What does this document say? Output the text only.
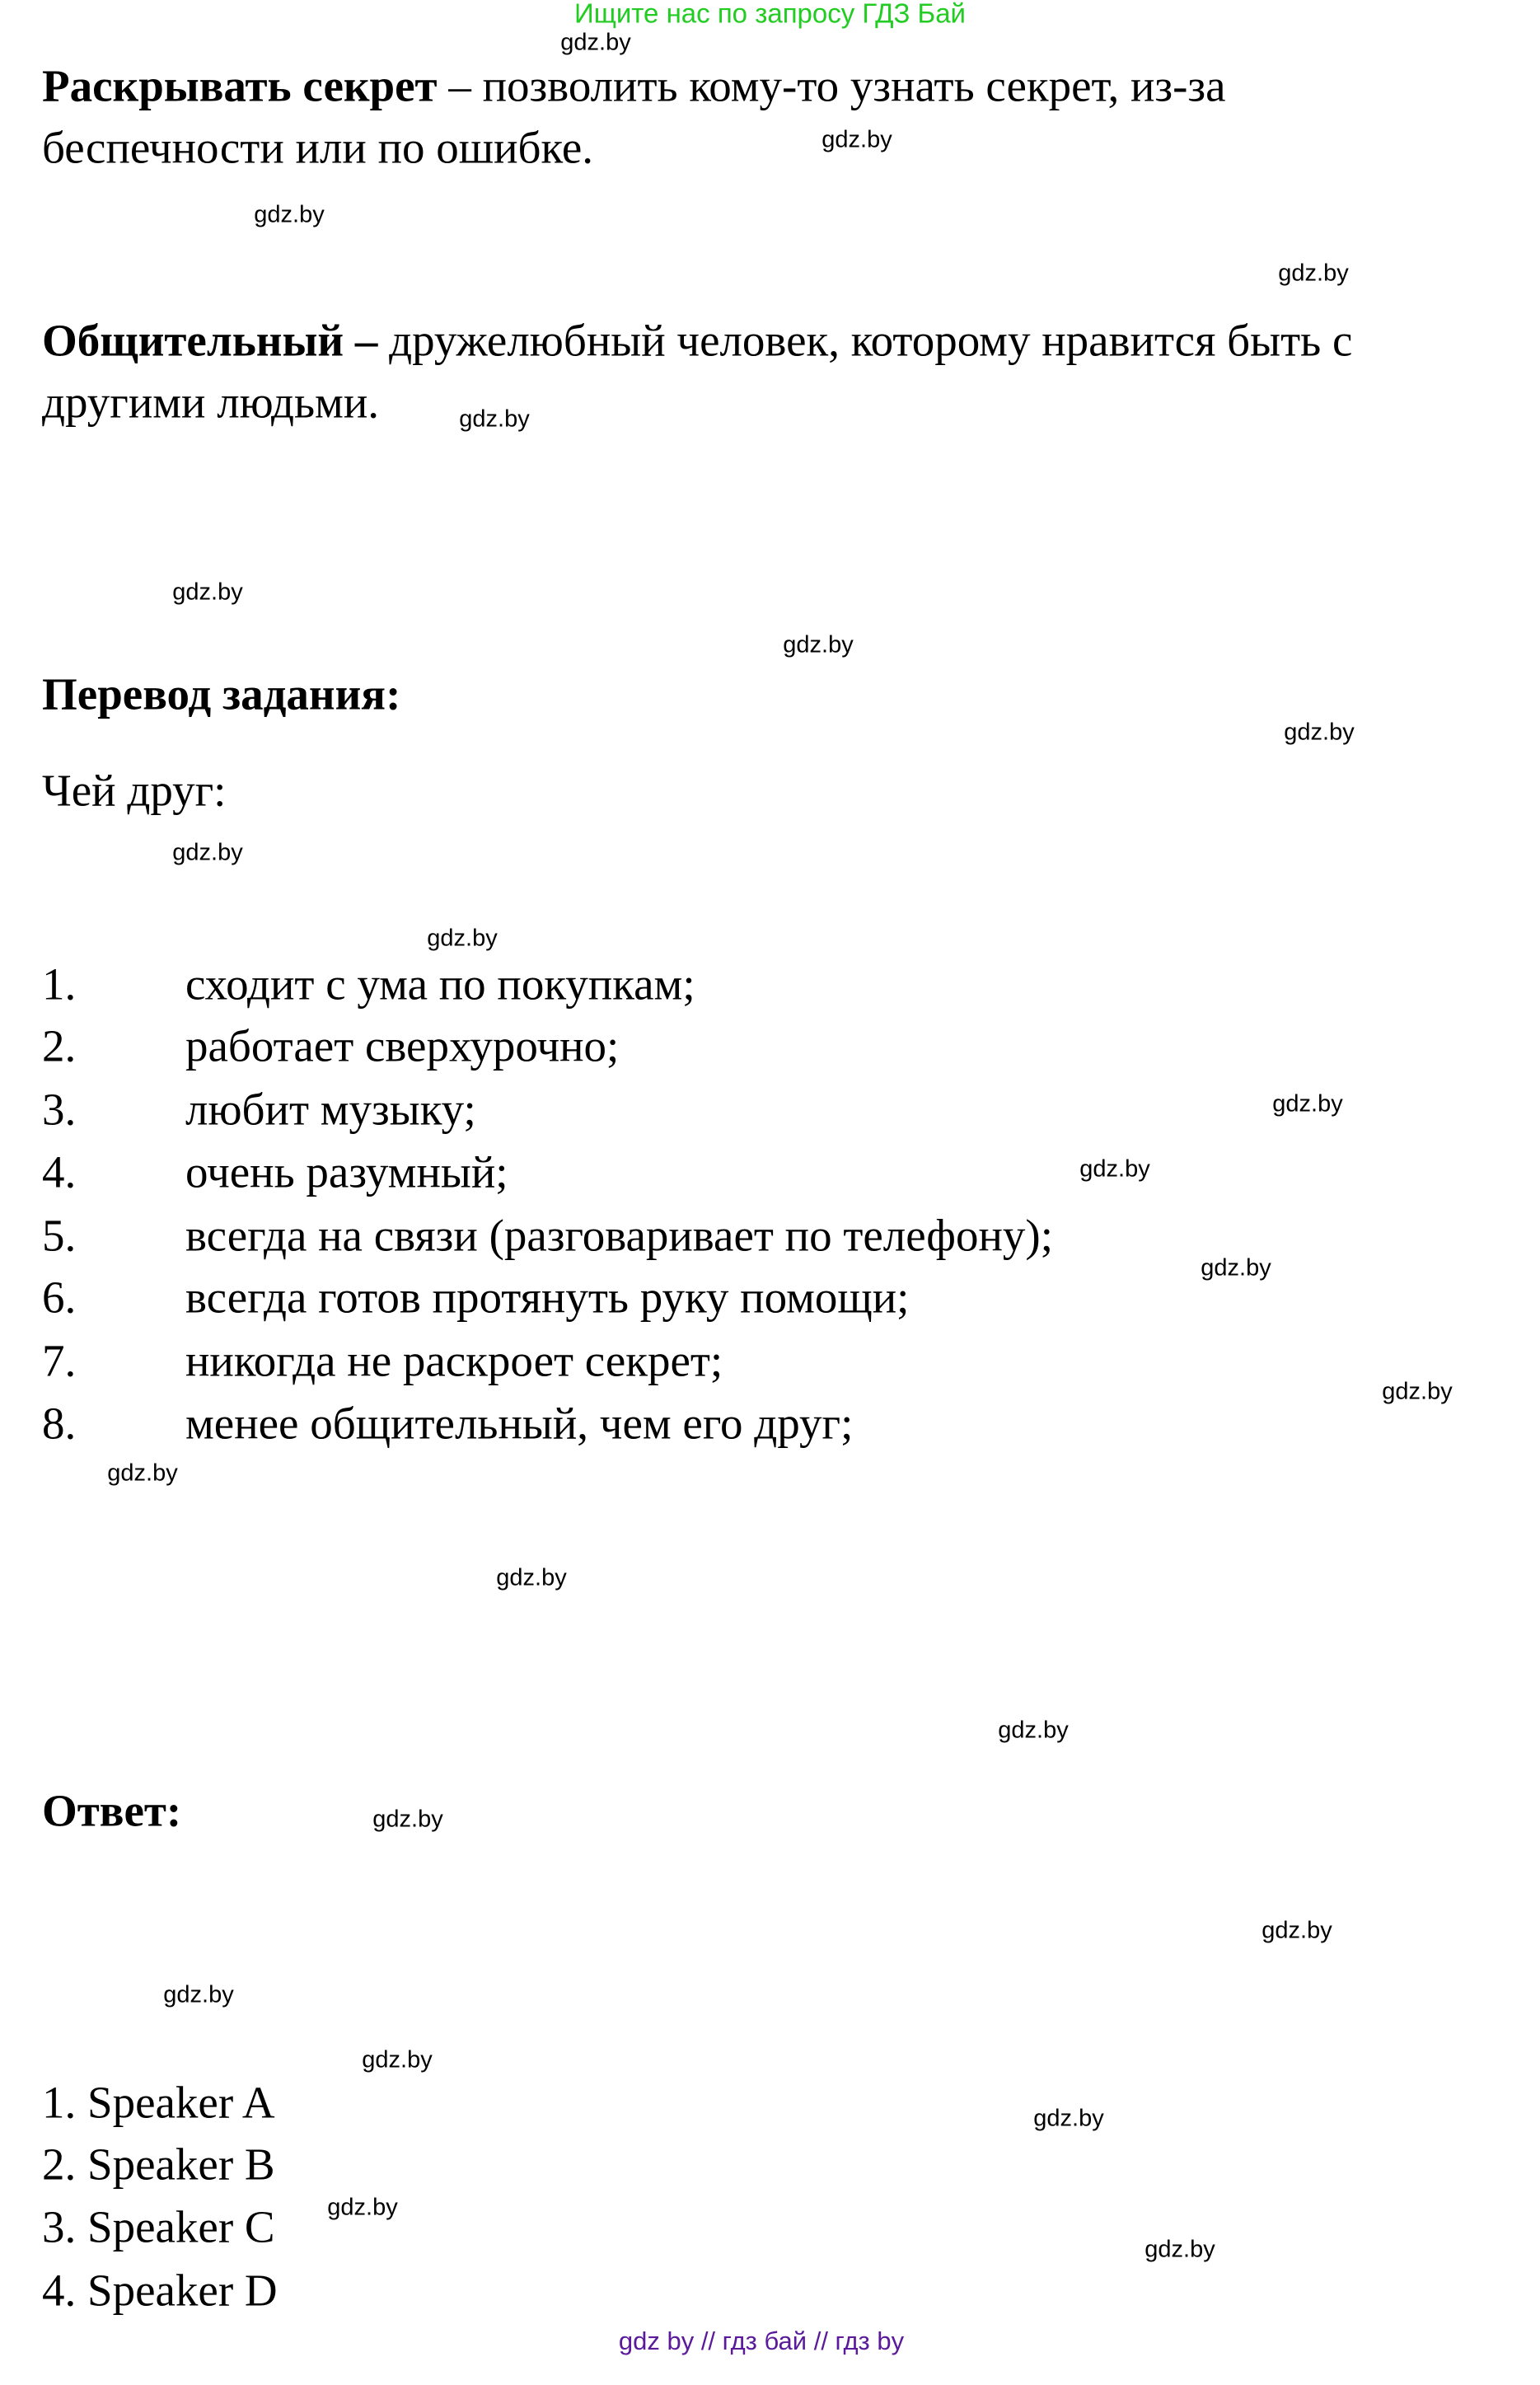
Ищите нас по запросу ГДЗ Бай
Раскрывать секрет – позволить кому-то узнать секрет, из-за
беспечности или по ошибке.
Общительный – дружелюбный человек, которому нравится быть с
другими людьми.
Перевод задания:
Чей друг:
1. сходит с ума по покупкам;
2. работает сверхурочно;
3. любит музыку;
4. очень разумный;
5. всегда на связи (разговаривает по телефону);
6. всегда готов протянуть руку помощи;
7. никогда не раскроет секрет;
8. менее общительный, чем его друг;
Ответ:
1. Speaker A
2. Speaker B
3. Speaker C
4. Speaker D
gdz.by
gdz.by
gdz.by
gdz.by
gdz.by
gdz.by
gdz.by
gdz.by
gdz.by
gdz.by
gdz.by
gdz.by
gdz.by
gdz.by
gdz.by
gdz.by
gdz.by
gdz.by
gdz.by
gdz.by
gdz.by
gdz.by
gdz.by
gdz.by
gdz by // гдз бай // гдз by
